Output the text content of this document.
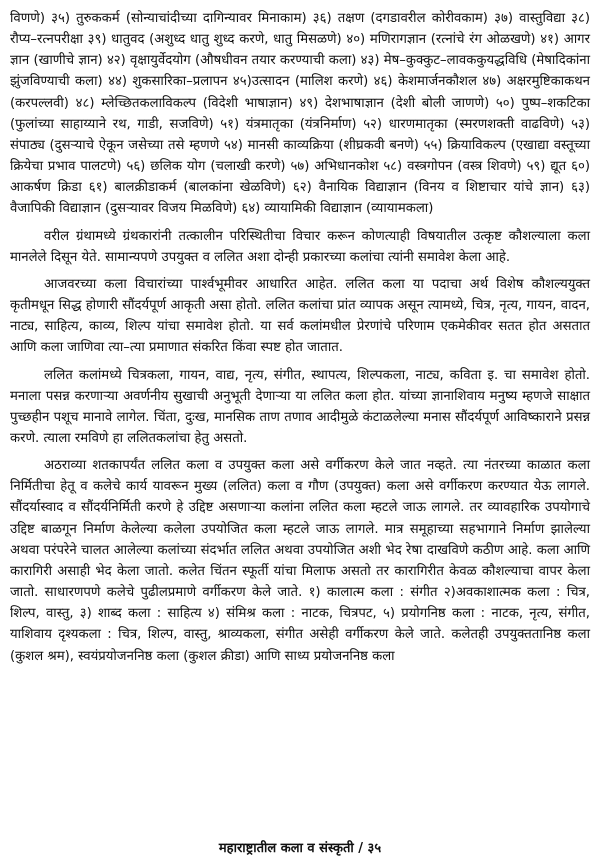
विणणे) ३५) तुरुककर्म (सोन्याचांदीच्या दागिन्यावर मिनाकाम) ३६) तक्षण (दगडावरील कोरीवकाम) ३७) वास्तुविद्या ३८) रौप्य–रत्नपरीक्षा ३९) धातुवद (अशुध्द धातु शुध्द करणे, धातु मिसळणे) ४०) मणिरागज्ञान (रत्नांचे रंग ओळखणे) ४१) आगर ज्ञान (खाणीचे ज्ञान) ४२) वृक्षायुर्वेदयोग (औषधीवन तयार करण्याची कला) ४३) मेष–कुक्कुट–लावककुयद्धविधि (मेषादिकांना झुंजविण्याची कला) ४४) शुकसारिका–प्रलापन ४५)उत्सादन (मालिश करणे) ४६) केशमार्जनकौशल ४७) अक्षरमुष्टिकाकथन (करपल्लवी) ४८) म्लेच्छितकलाविकल्प (विदेशी भाषाज्ञान) ४९) देशभाषाज्ञान (देशी बोली जाणणे) ५०) पुष्प–शकटिका (फुलांच्या साहाय्याने रथ, गाडी, सजविणे) ५१) यंत्रमातृका (यंत्रनिर्माण) ५२) धारणमातृका (स्मरणशक्ती वाढविणे) ५३) संपाठ्य (दुसऱ्याचे ऐकून जसेच्या तसे म्हणणे ५४) मानसी काव्यक्रिया (शीघ्रकवी बनणे) ५५) क्रियाविकल्प (एखाद्या वस्तूच्या क्रियेचा प्रभाव पालटणे) ५६) छलिक योग (चलाखी करणे) ५७) अभिधानकोश ५८) वस्त्रगोपन (वस्त्र शिवणे) ५९) द्यूत ६०) आकर्षण क्रिडा ६१) बालक्रीडाकर्म (बालकांना खेळविणे) ६२) वैनायिक विद्याज्ञान (विनय व शिष्टाचार यांचे ज्ञान) ६३) वैजापिकी विद्याज्ञान (दुसऱ्यावर विजय मिळविणे) ६४) व्यायामिकी विद्याज्ञान (व्यायामकला)

वरील ग्रंथामध्ये ग्रंथकारांनी तत्कालीन परिस्थितीचा विचार करून कोणत्याही विषयातील उत्कृष्ट कौशल्याला कला मानलेले दिसून येते. सामान्यपणे उपयुक्त व ललित अशा दोन्ही प्रकारच्या कलांचा त्यांनी समावेश केला आहे.

आजवरच्या कला विचारांच्या पार्श्वभूमीवर आधारित आहेत. ललित कला या पदाचा अर्थ विशेष कौशल्ययुक्त कृतीमधून सिद्ध होणारी सौंदर्यपूर्ण आकृती असा होतो. ललित कलांचा प्रांत व्यापक असून त्यामध्ये, चित्र, नृत्य, गायन, वादन, नाट्य, साहित्य, काव्य, शिल्प यांचा समावेश होतो. या सर्व कलांमधील प्रेरणांचे परिणाम एकमेकीवर सतत होत असतात आणि कला जाणिवा त्या–त्या प्रमाणात संकरित किंवा स्पष्ट होत जातात.

ललित कलांमध्ये चित्रकला, गायन, वाद्य, नृत्य, संगीत, स्थापत्य, शिल्पकला, नाट्य, कविता इ. चा समावेश होतो. मनाला पसन्न करणाऱ्या अवर्णनीय सुखाची अनुभूती देणाऱ्या या ललित कला होत. यांच्या ज्ञानाशिवाय मनुष्य म्हणजे साक्षात पुच्छहीन पशूच मानावे लागेल. चिंता, दुःख, मानसिक ताण तणाव आदीमुळे कंटाळलेल्या मनास सौंदर्यपूर्ण आविष्काराने प्रसन्न करणे. त्याला रमविणे हा ललितकलांचा हेतु असतो.

अठराव्या शतकापर्यंत ललित कला व उपयुक्त कला असे वर्गीकरण केले जात नव्हते. त्या नंतरच्या काळात कला निर्मितीचा हेतू व कलेचे कार्य यावरून मुख्य (ललित) कला व गौण (उपयुक्त) कला असे वर्गीकरण करण्यात येऊ लागले. सौंदर्यास्वाद व सौंदर्यनिर्मिती करणे हे उद्दिष्ट असणाऱ्या कलांना ललित कला म्हटले जाऊ लागले. तर व्यावहारिक उपयोगाचे उद्दिष्ट बाळगून निर्माण केलेल्या कलेला उपयोजित कला म्हटले जाऊ लागले. मात्र समूहाच्या सहभागाने निर्माण झालेल्या अथवा परंपरेने चालत आलेल्या कलांच्या संदर्भात ललित अथवा उपयोजित अशी भेद रेषा दाखविणे कठीण आहे. कला आणि कारागिरी असाही भेद केला जातो. कलेत चिंतन स्फूर्ती यांचा मिलाफ असतो तर कारागिरीत केवळ कौशल्याचा वापर केला जातो. साधारणपणे कलेचे पुढीलप्रमाणे वर्गीकरण केले जाते. १) कालात्म कला : संगीत २)अवकाशात्मक कला : चित्र, शिल्प, वास्तु, ३) शाब्द कला : साहित्य ४) संमिश्र कला : नाटक, चित्रपट, ५) प्रयोगनिष्ठ कला : नाटक, नृत्य, संगीत, याशिवाय दृश्यकला : चित्र, शिल्प, वास्तु, श्राव्यकला, संगीत असेही वर्गीकरण केले जाते. कलेतही उपयुक्ततानिष्ठ कला (कुशल श्रम), स्वयंप्रयोजननिष्ठ कला (कुशल क्रीडा) आणि साध्य प्रयोजननिष्ठ कला

महाराष्ट्रातील कला व संस्कृती / ३५
